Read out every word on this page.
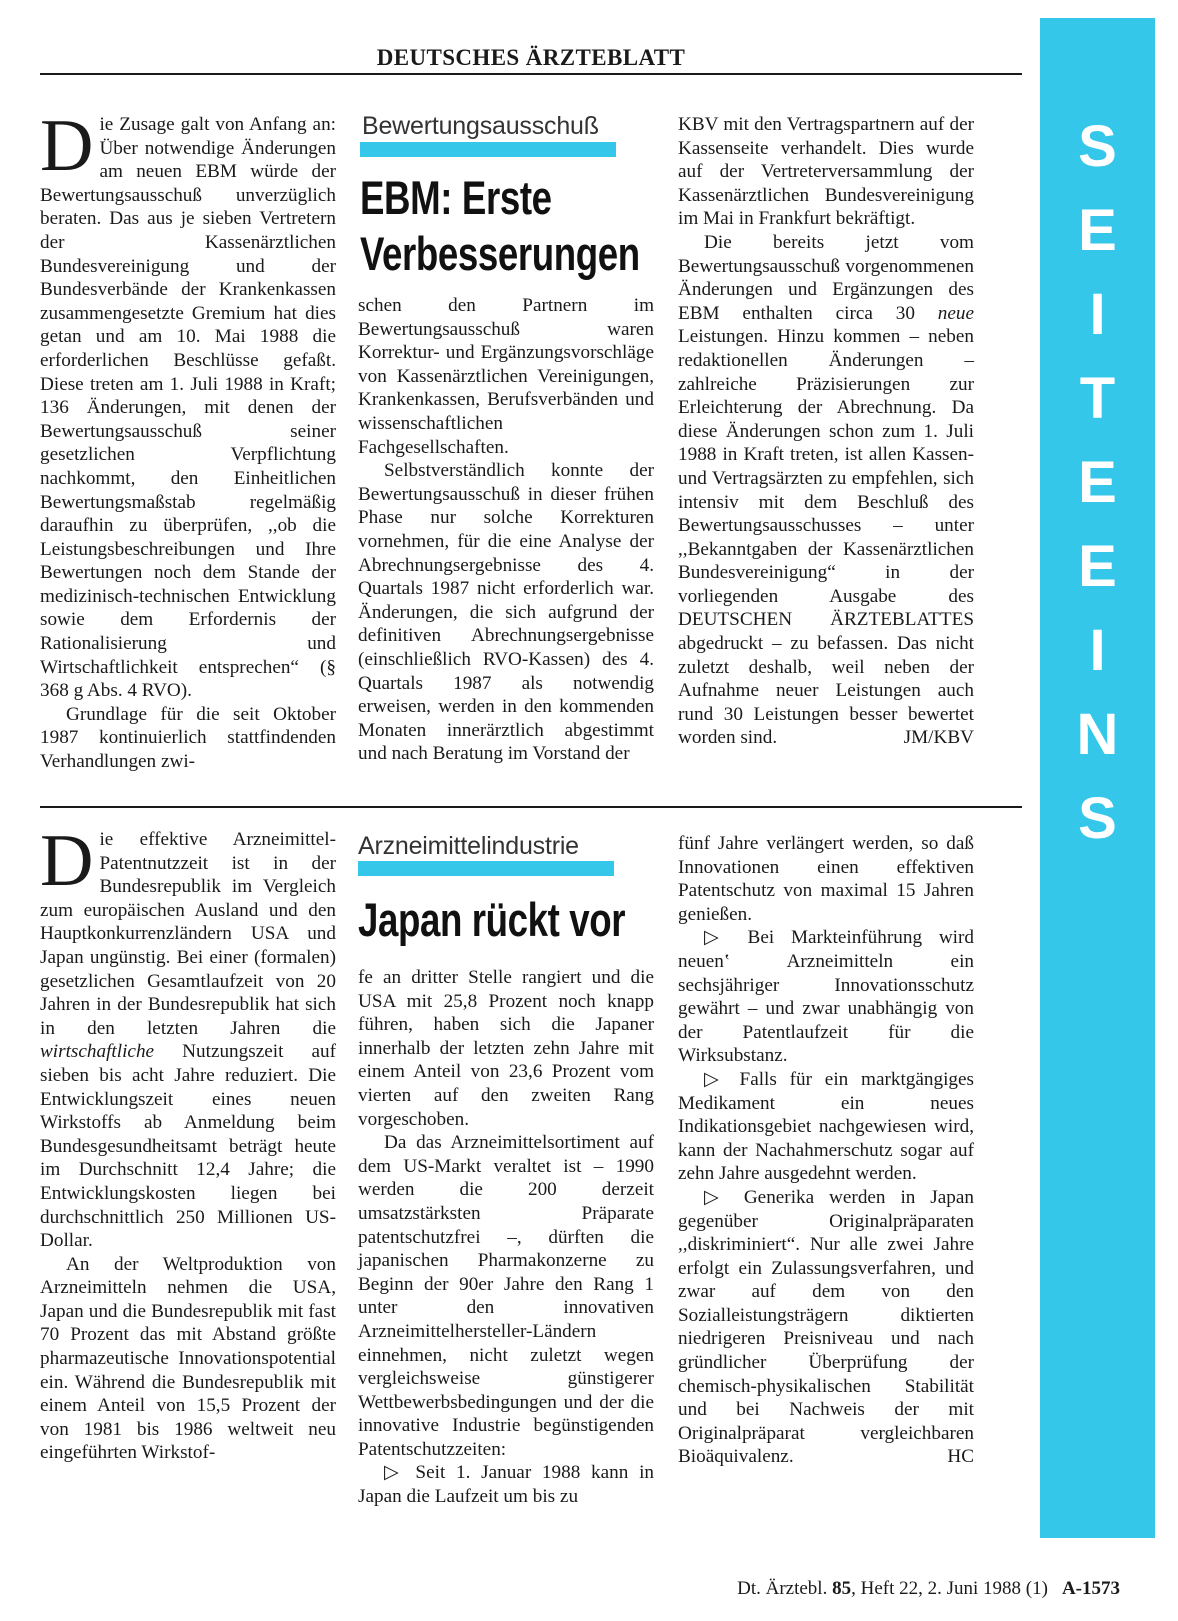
DEUTSCHES ÄRZTEBLATT
S
E
I
T
E
E
I
N
S

Die Zusage galt von Anfang an: Über notwendige Änderungen am neuen EBM würde der Bewertungsausschuß unverzüglich beraten. Das aus je sieben Vertretern der Kassenärztlichen Bundesvereinigung und der Bundesverbände der Krankenkassen zusammengesetzte Gremium hat dies getan und am 10. Mai 1988 die erforderlichen Beschlüsse gefaßt. Diese treten am 1. Juli 1988 in Kraft; 136 Änderungen, mit denen der Bewertungsausschuß seiner gesetzlichen Verpflichtung nachkommt, den Einheitlichen Bewertungsmaßstab regelmäßig daraufhin zu überprüfen, ,,ob die Leistungsbeschreibungen und Ihre Bewertungen noch dem Stande der medizinisch-technischen Entwicklung sowie dem Erfordernis der Rationalisierung und Wirtschaftlichkeit entsprechen“ (§ 368 g Abs. 4 RVO).

Grundlage für die seit Oktober 1987 kontinuierlich stattfindenden Verhandlungen zwi-

Bewertungsausschuß
EBM: Erste
Verbesserungen

schen den Partnern im Bewertungsausschuß waren Korrektur- und Ergänzungsvorschläge von Kassenärztlichen Vereinigungen, Krankenkassen, Berufsverbänden und wissenschaftlichen Fachgesellschaften.

Selbstverständlich konnte der Bewertungsausschuß in dieser frühen Phase nur solche Korrekturen vornehmen, für die eine Analyse der Abrechnungsergebnisse des 4. Quartals 1987 nicht erforderlich war. Änderungen, die sich aufgrund der definitiven Abrechnungsergebnisse (einschließlich RVO-Kassen) des 4. Quartals 1987 als notwendig erweisen, werden in den kommenden Monaten innerärztlich abgestimmt und nach Beratung im Vorstand der

KBV mit den Vertragspartnern auf der Kassenseite verhandelt. Dies wurde auf der Vertreterversammlung der Kassenärztlichen Bundesvereinigung im Mai in Frankfurt bekräftigt.

Die bereits jetzt vom Bewertungsausschuß vorgenommenen Änderungen und Ergänzungen des EBM enthalten circa 30 neue Leistungen. Hinzu kommen – neben redaktionellen Änderungen – zahlreiche Präzisierungen zur Erleichterung der Abrechnung. Da diese Änderungen schon zum 1. Juli 1988 in Kraft treten, ist allen Kassen- und Vertragsärzten zu empfehlen, sich intensiv mit dem Beschluß des Bewertungsausschusses – unter ,,Bekanntgaben der Kassenärztlichen Bundesvereinigung“ in der vorliegenden Ausgabe des DEUTSCHEN ÄRZTEBLATTES abgedruckt – zu befassen. Das nicht zuletzt deshalb, weil neben der Aufnahme neuer Leistungen auch rund 30 Leistungen besser bewertet worden sind.	JM/KBV

Die effektive Arzneimittel-Patentnutzzeit ist in der Bundesrepublik im Vergleich zum europäischen Ausland und den Hauptkonkurrenzländern USA und Japan ungünstig. Bei einer (formalen) gesetzlichen Gesamtlaufzeit von 20 Jahren in der Bundesrepublik hat sich in den letzten Jahren die wirtschaftliche Nutzungszeit auf sieben bis acht Jahre reduziert. Die Entwicklungszeit eines neuen Wirkstoffs ab Anmeldung beim Bundesgesundheitsamt beträgt heute im Durchschnitt 12,4 Jahre; die Entwicklungskosten liegen bei durchschnittlich 250 Millionen US-Dollar.

An der Weltproduktion von Arzneimitteln nehmen die USA, Japan und die Bundesrepublik mit fast 70 Prozent das mit Abstand größte pharmazeutische Innovationspotential ein. Während die Bundesrepublik mit einem Anteil von 15,5 Prozent der von 1981 bis 1986 weltweit neu eingeführten Wirkstof-

Arzneimittelindustrie
Japan rückt vor

fe an dritter Stelle rangiert und die USA mit 25,8 Prozent noch knapp führen, haben sich die Japaner innerhalb der letzten zehn Jahre mit einem Anteil von 23,6 Prozent vom vierten auf den zweiten Rang vorgeschoben.

Da das Arzneimittelsortiment auf dem US-Markt veraltet ist – 1990 werden die 200 derzeit umsatzstärksten Präparate patentschutzfrei –, dürften die japanischen Pharmakonzerne zu Beginn der 90er Jahre den Rang 1 unter den innovativen Arzneimittelhersteller-Ländern einnehmen, nicht zuletzt wegen vergleichsweise günstigerer Wettbewerbsbedingungen und der die innovative Industrie begünstigenden Patentschutzzeiten:

▷ Seit 1. Januar 1988 kann in Japan die Laufzeit um bis zu

fünf Jahre verlängert werden, so daß Innovationen einen effektiven Patentschutz von maximal 15 Jahren genießen.

▷ Bei Markteinführung wird neuen‛ Arzneimitteln ein sechsjähriger Innovationsschutz gewährt – und zwar unabhängig von der Patentlaufzeit für die Wirksubstanz.

▷ Falls für ein marktgängiges Medikament ein neues Indikationsgebiet nachgewiesen wird, kann der Nachahmerschutz sogar auf zehn Jahre ausgedehnt werden.

▷ Generika werden in Japan gegenüber Originalpräparaten ,,diskriminiert“. Nur alle zwei Jahre erfolgt ein Zulassungsverfahren, und zwar auf dem von den Sozialleistungsträgern diktierten niedrigeren Preisniveau und nach gründlicher Überprüfung der chemisch-physikalischen Stabilität und bei Nachweis der mit Originalpräparat vergleichbaren Bioäquivalenz.	HC

Dt. Ärztebl. 85, Heft 22, 2. Juni 1988 (1) A-1573
